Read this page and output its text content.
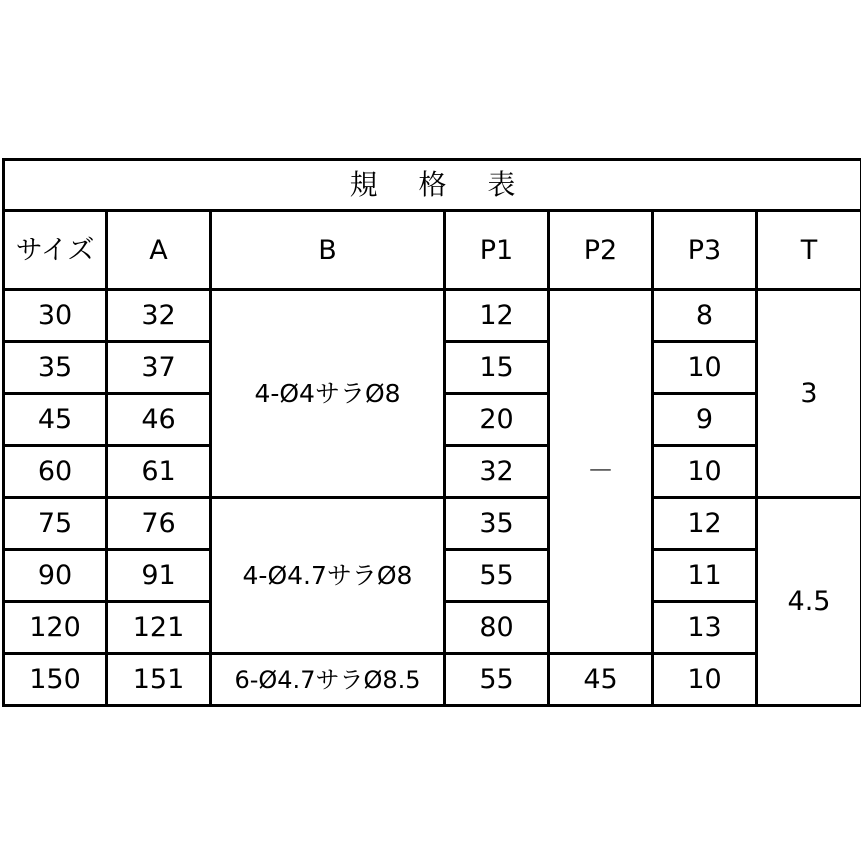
規 格 表						
サイズ	A	B	P1	P2	P3	T
30	32	4-Ø4サラØ8	12	－	8	3
35	37		15		10	
45	46		20		9	
60	61		32		10	
75	76	4-Ø4.7サラØ8	35		12	4.5
90	91		55		11	
120	121		80		13	
150	151	6-Ø4.7サラØ8.5	55	45	10	
